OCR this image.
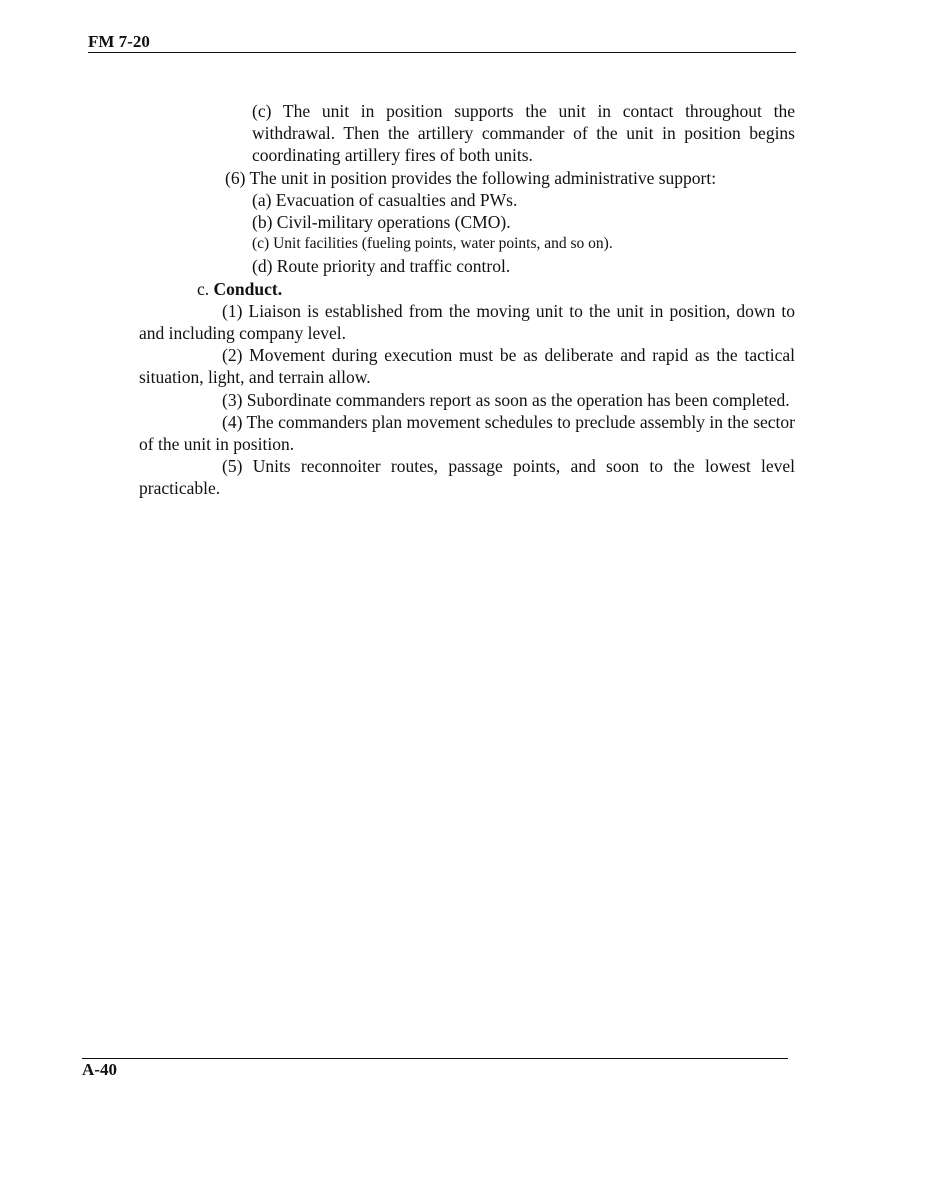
FM 7-20

(c) The unit in position supports the unit in contact throughout the withdrawal. Then the artillery commander of the unit in position begins coordinating artillery fires of both units.

(6) The unit in position provides the following administrative support:

(a) Evacuation of casualties and PWs.

(b) Civil-military operations (CMO).

(c) Unit facilities (fueling points, water points, and so on).

(d) Route priority and traffic control.

c. Conduct.

(1) Liaison is established from the moving unit to the unit in position, down to and including company level.

(2) Movement during execution must be as deliberate and rapid as the tactical situation, light, and terrain allow.

(3) Subordinate commanders report as soon as the operation has been completed.

(4) The commanders plan movement schedules to preclude assembly in the sector of the unit in position.

(5) Units reconnoiter routes, passage points, and soon to the lowest level practicable.

A-40
